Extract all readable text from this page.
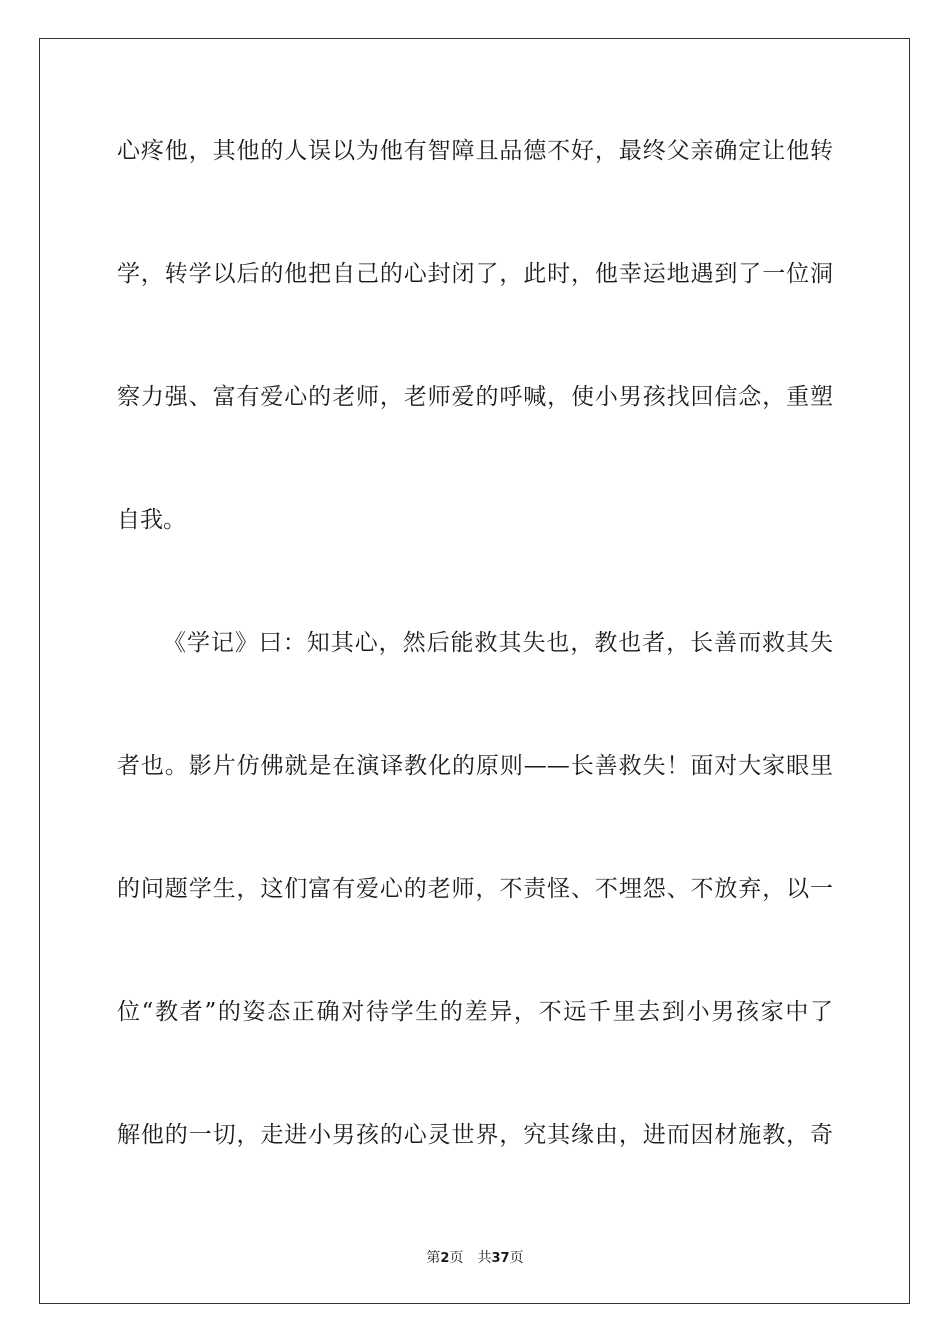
心疼他，其他的人误以为他有智障且品德不好，最终父亲确定让他转
学，转学以后的他把自己的心封闭了，此时，他幸运地遇到了一位洞
察力强、富有爱心的老师，老师爱的呼喊，使小男孩找回信念，重塑
自我。
《学记》曰：知其心，然后能救其失也，教也者，长善而救其失
者也。影片仿佛就是在演译教化的原则——长善救失！面对大家眼里
的问题学生，这们富有爱心的老师，不责怪、不埋怨、不放弃，以一
位“教者”的姿态正确对待学生的差异，不远千里去到小男孩家中了
解他的一切，走进小男孩的心灵世界，究其缘由，进而因材施教，奇
第2页 共37页
